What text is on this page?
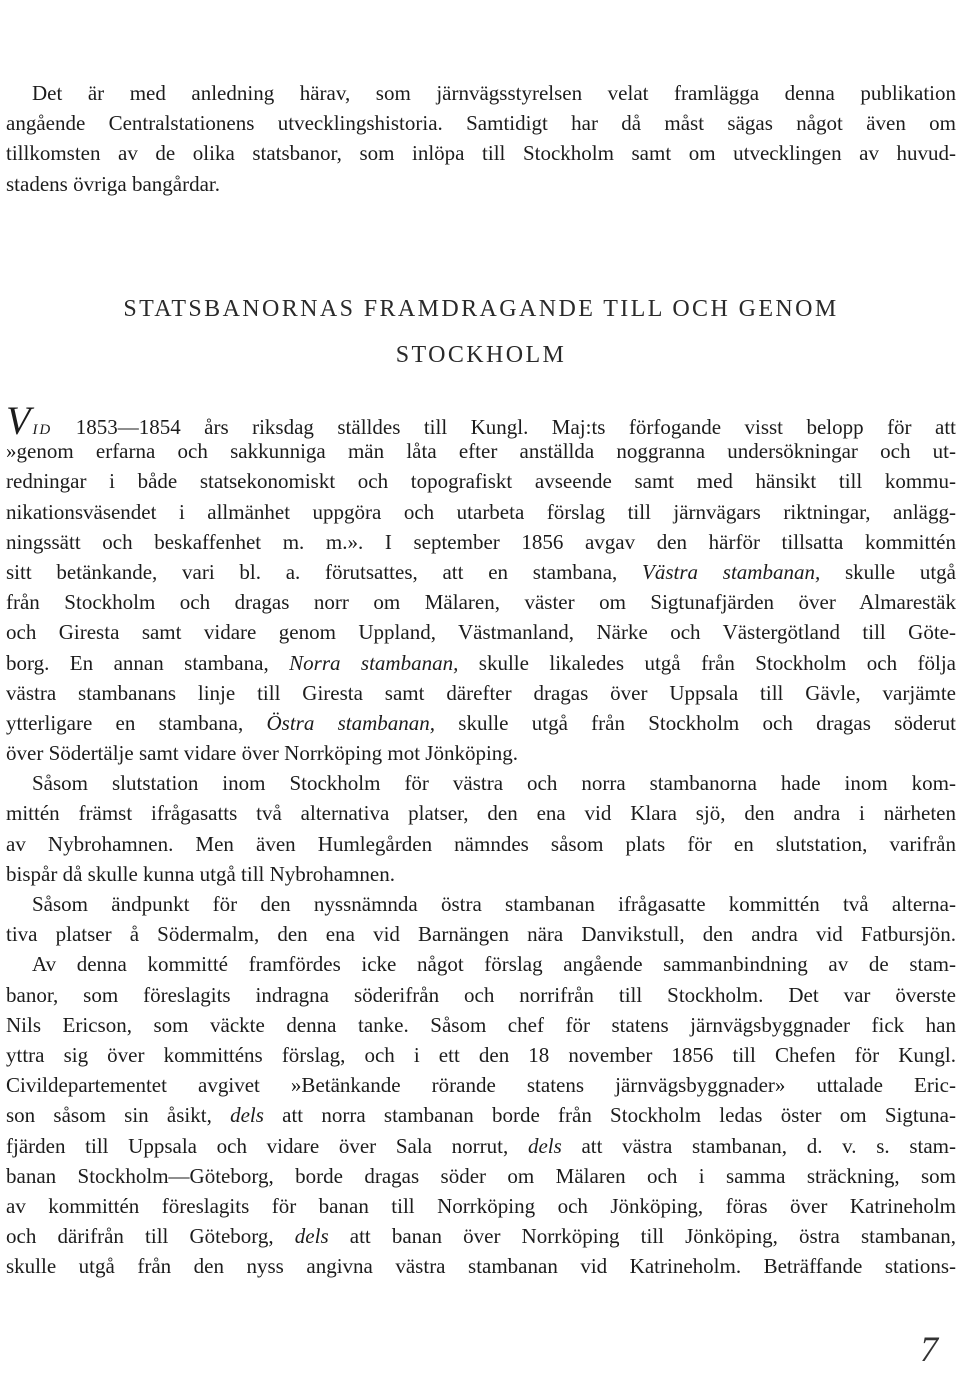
Det är med anledning härav, som järnvägsstyrelsen velat framlägga denna publikation
angående Centralstationens utvecklingshistoria. Samtidigt har då måst sägas något även om
tillkomsten av de olika statsbanor, som inlöpa till Stockholm samt om utvecklingen av huvud-
stadens övriga bangårdar.
STATSBANORNAS FRAMDRAGANDE TILL OCH GENOM
STOCKHOLM
VID 1853—1854 års riksdag ställdes till Kungl. Maj:ts förfogande visst belopp för att
»genom erfarna och sakkunniga män låta efter anställda noggranna undersökningar och ut-
redningar i både statsekonomiskt och topografiskt avseende samt med hänsikt till kommu-
nikationsväsendet i allmänhet uppgöra och utarbeta förslag till järnvägars riktningar, anlägg-
ningssätt och beskaffenhet m. m.». I september 1856 avgav den härför tillsatta kommittén
sitt betänkande, vari bl. a. förutsattes, att en stambana, Västra stambanan, skulle utgå
från Stockholm och dragas norr om Mälaren, väster om Sigtunafjärden över Almarestäk
och Giresta samt vidare genom Uppland, Västmanland, Närke och Västergötland till Göte-
borg. En annan stambana, Norra stambanan, skulle likaledes utgå från Stockholm och följa
västra stambanans linje till Giresta samt därefter dragas över Uppsala till Gävle, varjämte
ytterligare en stambana, Östra stambanan, skulle utgå från Stockholm och dragas söderut
över Södertälje samt vidare över Norrköping mot Jönköping.
Såsom slutstation inom Stockholm för västra och norra stambanorna hade inom kom-
mittén främst ifrågasatts två alternativa platser, den ena vid Klara sjö, den andra i närheten
av Nybrohamnen. Men även Humlegården nämndes såsom plats för en slutstation, varifrån
bispår då skulle kunna utgå till Nybrohamnen.
Såsom ändpunkt för den nyssnämnda östra stambanan ifrågasatte kommittén två alterna-
tiva platser å Södermalm, den ena vid Barnängen nära Danvikstull, den andra vid Fatbursjön.
Av denna kommitté framfördes icke något förslag angående sammanbindning av de stam-
banor, som föreslagits indragna söderifrån och norrifrån till Stockholm. Det var överste
Nils Ericson, som väckte denna tanke. Såsom chef för statens järnvägsbyggnader fick han
yttra sig över kommitténs förslag, och i ett den 18 november 1856 till Chefen för Kungl.
Civildepartementet avgivet »Betänkande rörande statens järnvägsbyggnader» uttalade Eric-
son såsom sin åsikt, dels att norra stambanan borde från Stockholm ledas öster om Sigtuna-
fjärden till Uppsala och vidare över Sala norrut, dels att västra stambanan, d. v. s. stam-
banan Stockholm—Göteborg, borde dragas söder om Mälaren och i samma sträckning, som
av kommittén föreslagits för banan till Norrköping och Jönköping, föras över Katrineholm
och därifrån till Göteborg, dels att banan över Norrköping till Jönköping, östra stambanan,
skulle utgå från den nyss angivna västra stambanan vid Katrineholm. Beträffande stations-
7
